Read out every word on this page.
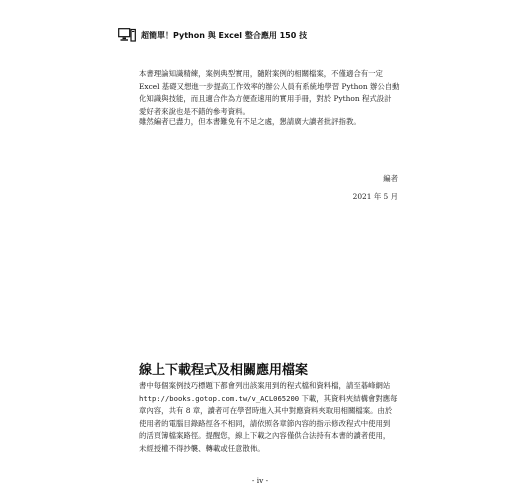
超簡單！Python 與 Excel 整合應用 150 技
本書理論知識精練，案例典型實用，隨附案例的相關檔案，不僅適合有一定
Excel 基礎又想進一步提高工作效率的辦公人員有系統地學習 Python 辦公自動
化知識與技能，而且適合作為方便查速用的實用手冊，對於 Python 程式設計
愛好者來說也是不錯的參考資料。
雖然編者已盡力，但本書難免有不足之處，懇請廣大讀者批評指教。
編者
2021 年 5 月
線上下載程式及相關應用檔案
書中每個案例技巧標題下都會列出該案用到的程式檔和資料檔，請至碁峰網站
http://books.gotop.com.tw/v_ACL065200 下載，其資料夾結構會對應每
章內容，共有 8 章，讀者可在學習時進入其中對應資料夾取用相關檔案。由於
使用者的電腦目錄路徑各不相同，請依照各章節內容的指示修改程式中使用到
的活頁簿檔案路徑。提醒您，線上下載之內容僅供合法持有本書的讀者使用，
未經授權不得抄襲、轉載或任意散佈。
- iv -
